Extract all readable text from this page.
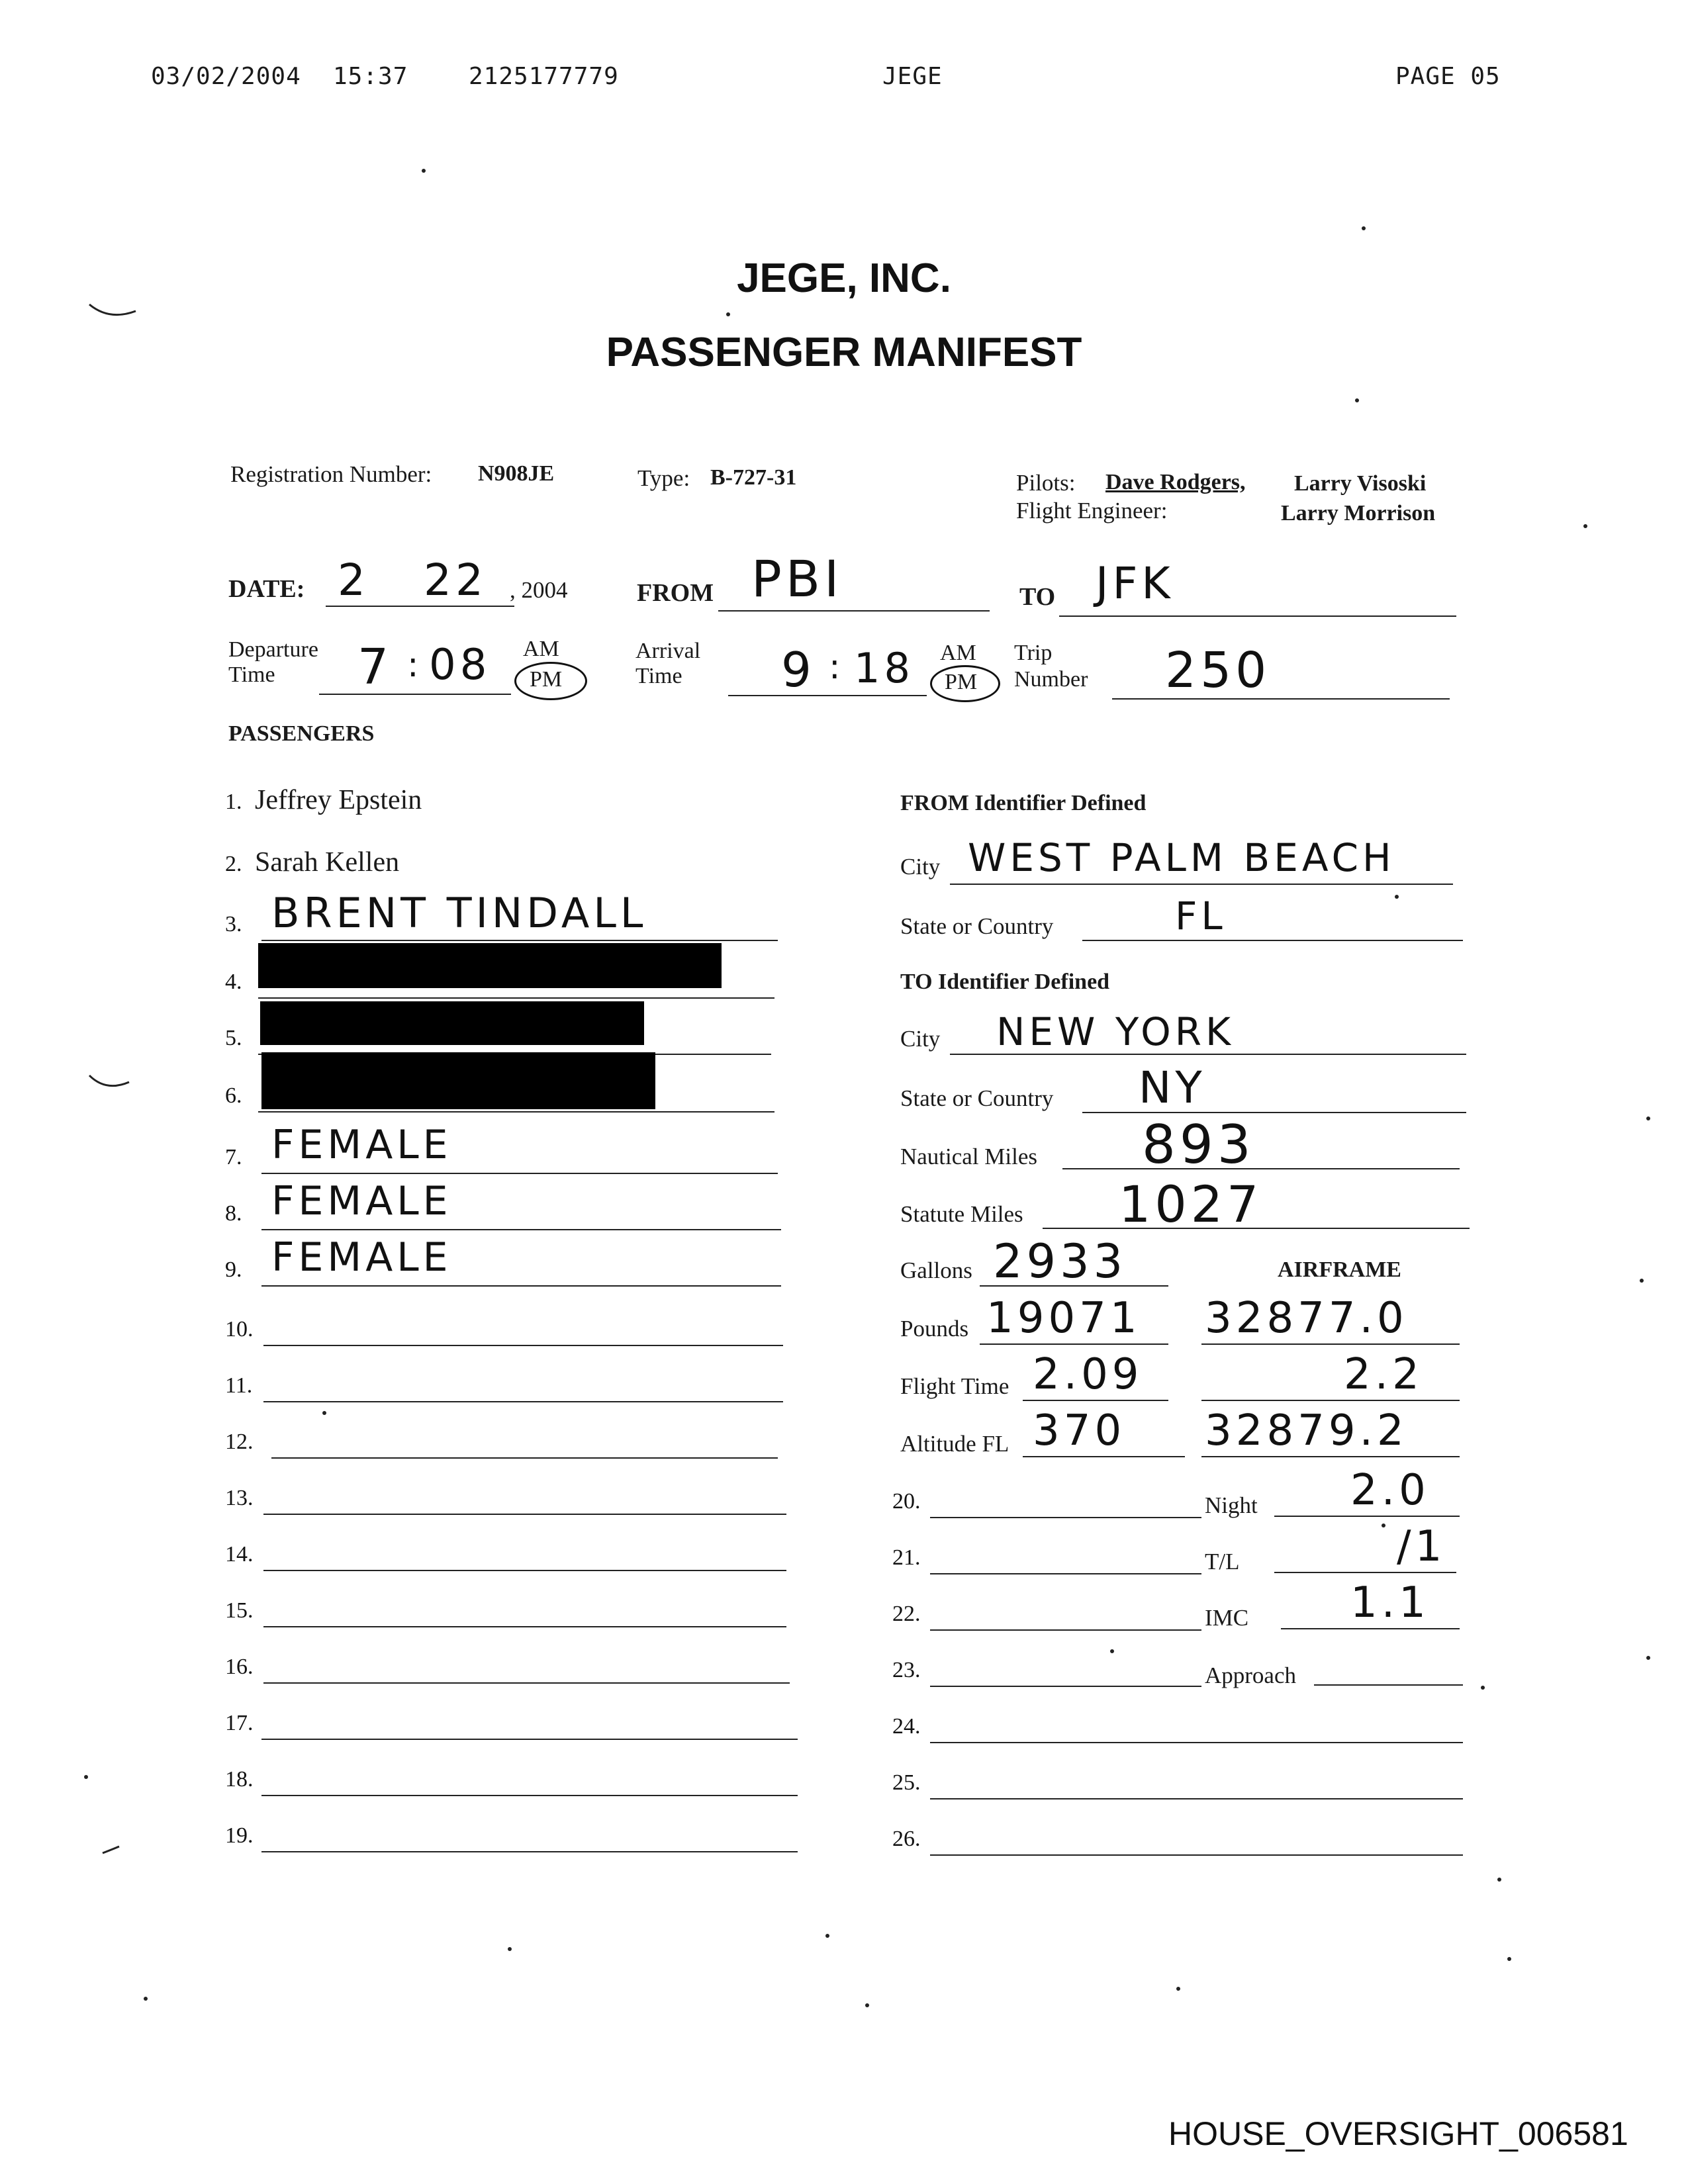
03/02/2004 15:37	2125177779	JEGE	PAGE 05
JEGE, INC.
PASSENGER MANIFEST
Registration Number: N908JE	Type: B-727-31	Pilots: Dave Rodgers, Larry Visoski
Flight Engineer:	Larry Morrison
DATE: 2 22 , 2004	FROM PBI	TO JFK
Departure
Time 7 : 08 AM
PM
Arrival
Time 9 : 18 AM
PM
Trip
Number 250
PASSENGERS
1. Jeffrey Epstein
2. Sarah Kellen
3. BRENT TINDALL
4.
5.
6.
7. FEMALE
8. FEMALE
9. FEMALE
10.
11.
12.
13.
14.
15.
16.
17.
18.
19.
FROM Identifier Defined
City WEST PALM BEACH
State or Country	FL
TO Identifier Defined
City NEW YORK
State or Country NY
Nautical Miles 893
Statute Miles 1027
Gallons 2933	AIRFRAME
Pounds 19071 32877.0
Flight Time 2.09	2.2
Altitude FL 370 32879.2
Night 2.0
T/L	/1
IMC 1.1
Approach
20.
21.
22.
23.
24.
25.
26.
HOUSE_OVERSIGHT_006581
